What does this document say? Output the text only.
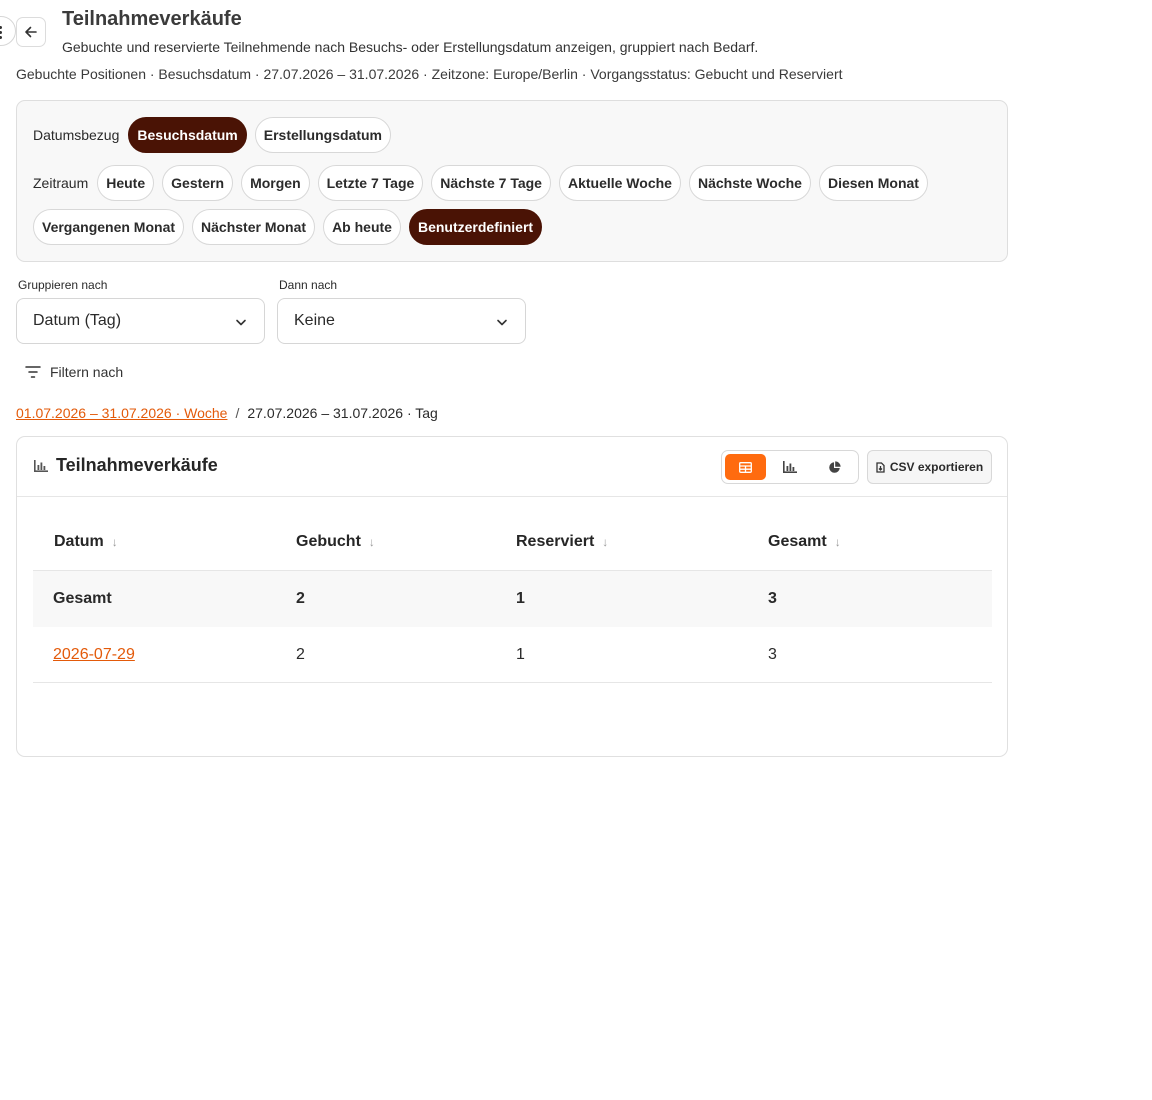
Teilnahmeverkäufe
Gebuchte und reservierte Teilnehmende nach Besuchs- oder Erstellungsdatum anzeigen, gruppiert nach Bedarf.
Gebuchte Positionen · Besuchsdatum · 27.07.2026 – 31.07.2026 · Zeitzone: Europe/Berlin · Vorgangsstatus: Gebucht und Reserviert
Datumsbezug	Besuchsdatum	Erstellungsdatum
Zeitraum	Heute	Gestern	Morgen	Letzte 7 Tage	Nächste 7 Tage	Aktuelle Woche	Nächste Woche	Diesen Monat
Vergangenen Monat	Nächster Monat	Ab heute	Benutzerdefiniert
Gruppieren nach
Datum (Tag)
Dann nach
Keine
Filtern nach
01.07.2026 – 31.07.2026 · Woche / 27.07.2026 – 31.07.2026 · Tag
Teilnahmeverkäufe	CSV exportieren
Datum ↓	Gebucht ↓	Reserviert ↓	Gesamt ↓
Gesamt	2	1	3
2026-07-29	2	1	3
